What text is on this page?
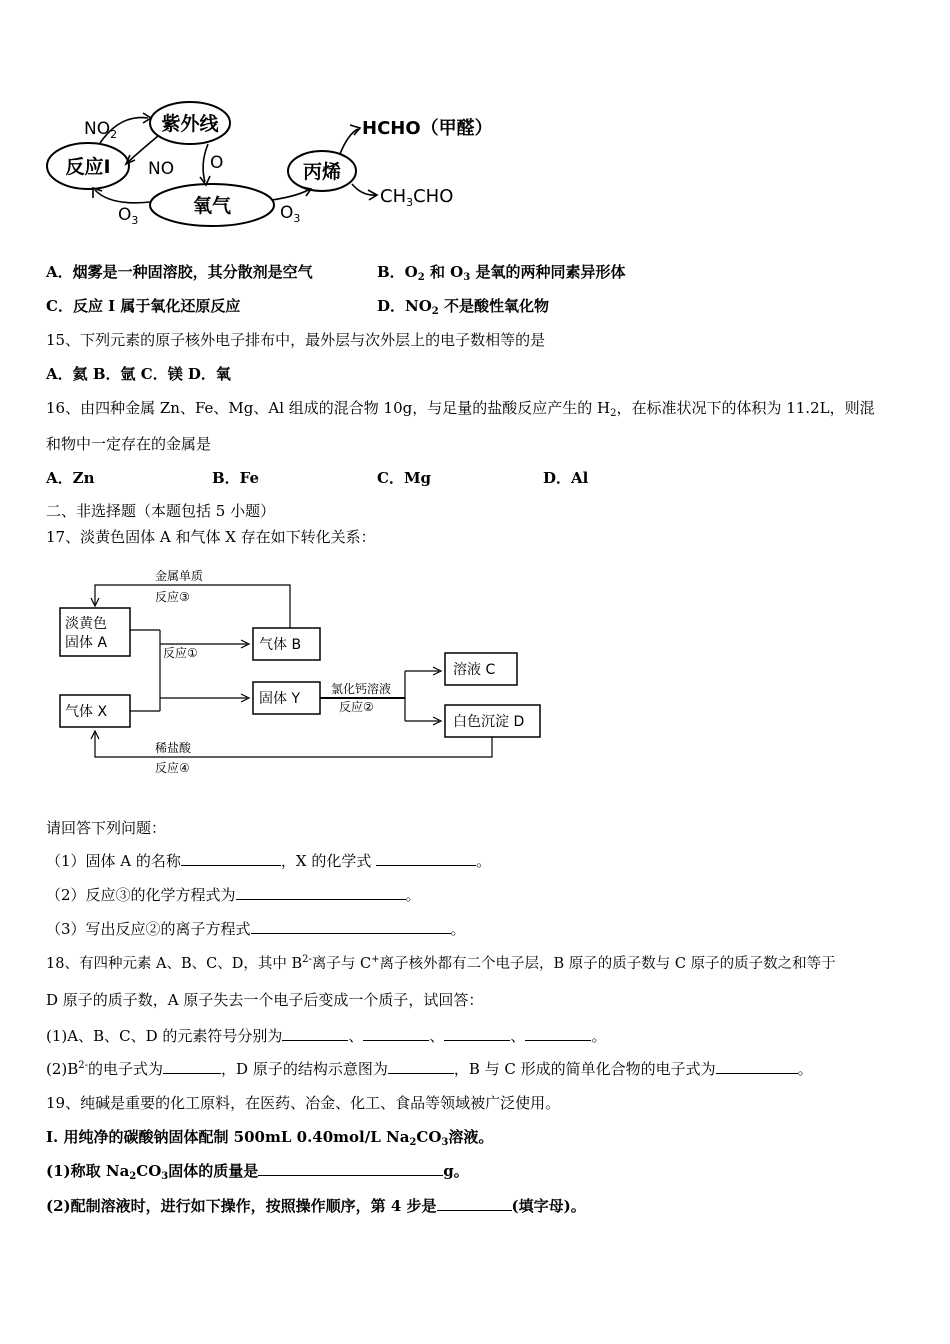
紫外线
反应I
氧气
丙烯
$NO_2$
NO O
$O_3$	$O_3$
HCHO（甲醛）
$CH_3CHO$
A．烟雾是一种固溶胶，其分散剂是空气	B．$O_2$ 和 $O_3$ 是氧的两种同素异形体
C．反应 I 属于氧化还原反应	D．$NO_2$ 不是酸性氧化物
15、下列元素的原子核外电子排布中，最外层与次外层上的电子数相等的是
A．氦 B．氩 C．镁 D．氧
16、由四种金属 Zn、Fe、Mg、Al 组成的混合物 10g，与足量的盐酸反应产生的 $H_2$，在标准状况下的体积为 11.2L，则混
和物中一定存在的金属是
A．Zn	B．Fe	C．Mg	D．Al
二、非选择题（本题包括 5 小题）
17、淡黄色固体 A 和气体 X 存在如下转化关系：
淡黄色
固体 A
气体 X
气体 B
固体 Y
溶液 C
白色沉淀 D
金属单质
反应③
反应①
氯化钙溶液
反应②
稀盐酸
反应④
请回答下列问题：
（1）固体 A 的名称	，X 的化学式	。
（2）反应③的化学方程式为	。
（3）写出反应②的离子方程式	。
18、有四种元素 A、B、C、D，其中 $B^{2-}$离子与 C+离子核外都有二个电子层，B 原子的质子数与 C 原子的质子数之和等于
D 原子的质子数，A 原子失去一个电子后变成一个质子，试回答：
(1)A、B、C、D 的元素符号分别为	、	、	、	。
$(2)B^{2-}$的电子式为	，D 原子的结构示意图为	，B 与 C 形成的简单化合物的电子式为	。
19、纯碱是重要的化工原料，在医药、冶金、化工、食品等领域被广泛使用。
I. 用纯净的碳酸钠固体配制 500mL 0.40mol/L $Na_2CO_3$溶液。
(1)称取 $Na_2CO_3$固体的质量是	g。
(2)配制溶液时，进行如下操作，按照操作顺序，第 4 步是	(填字母)。
